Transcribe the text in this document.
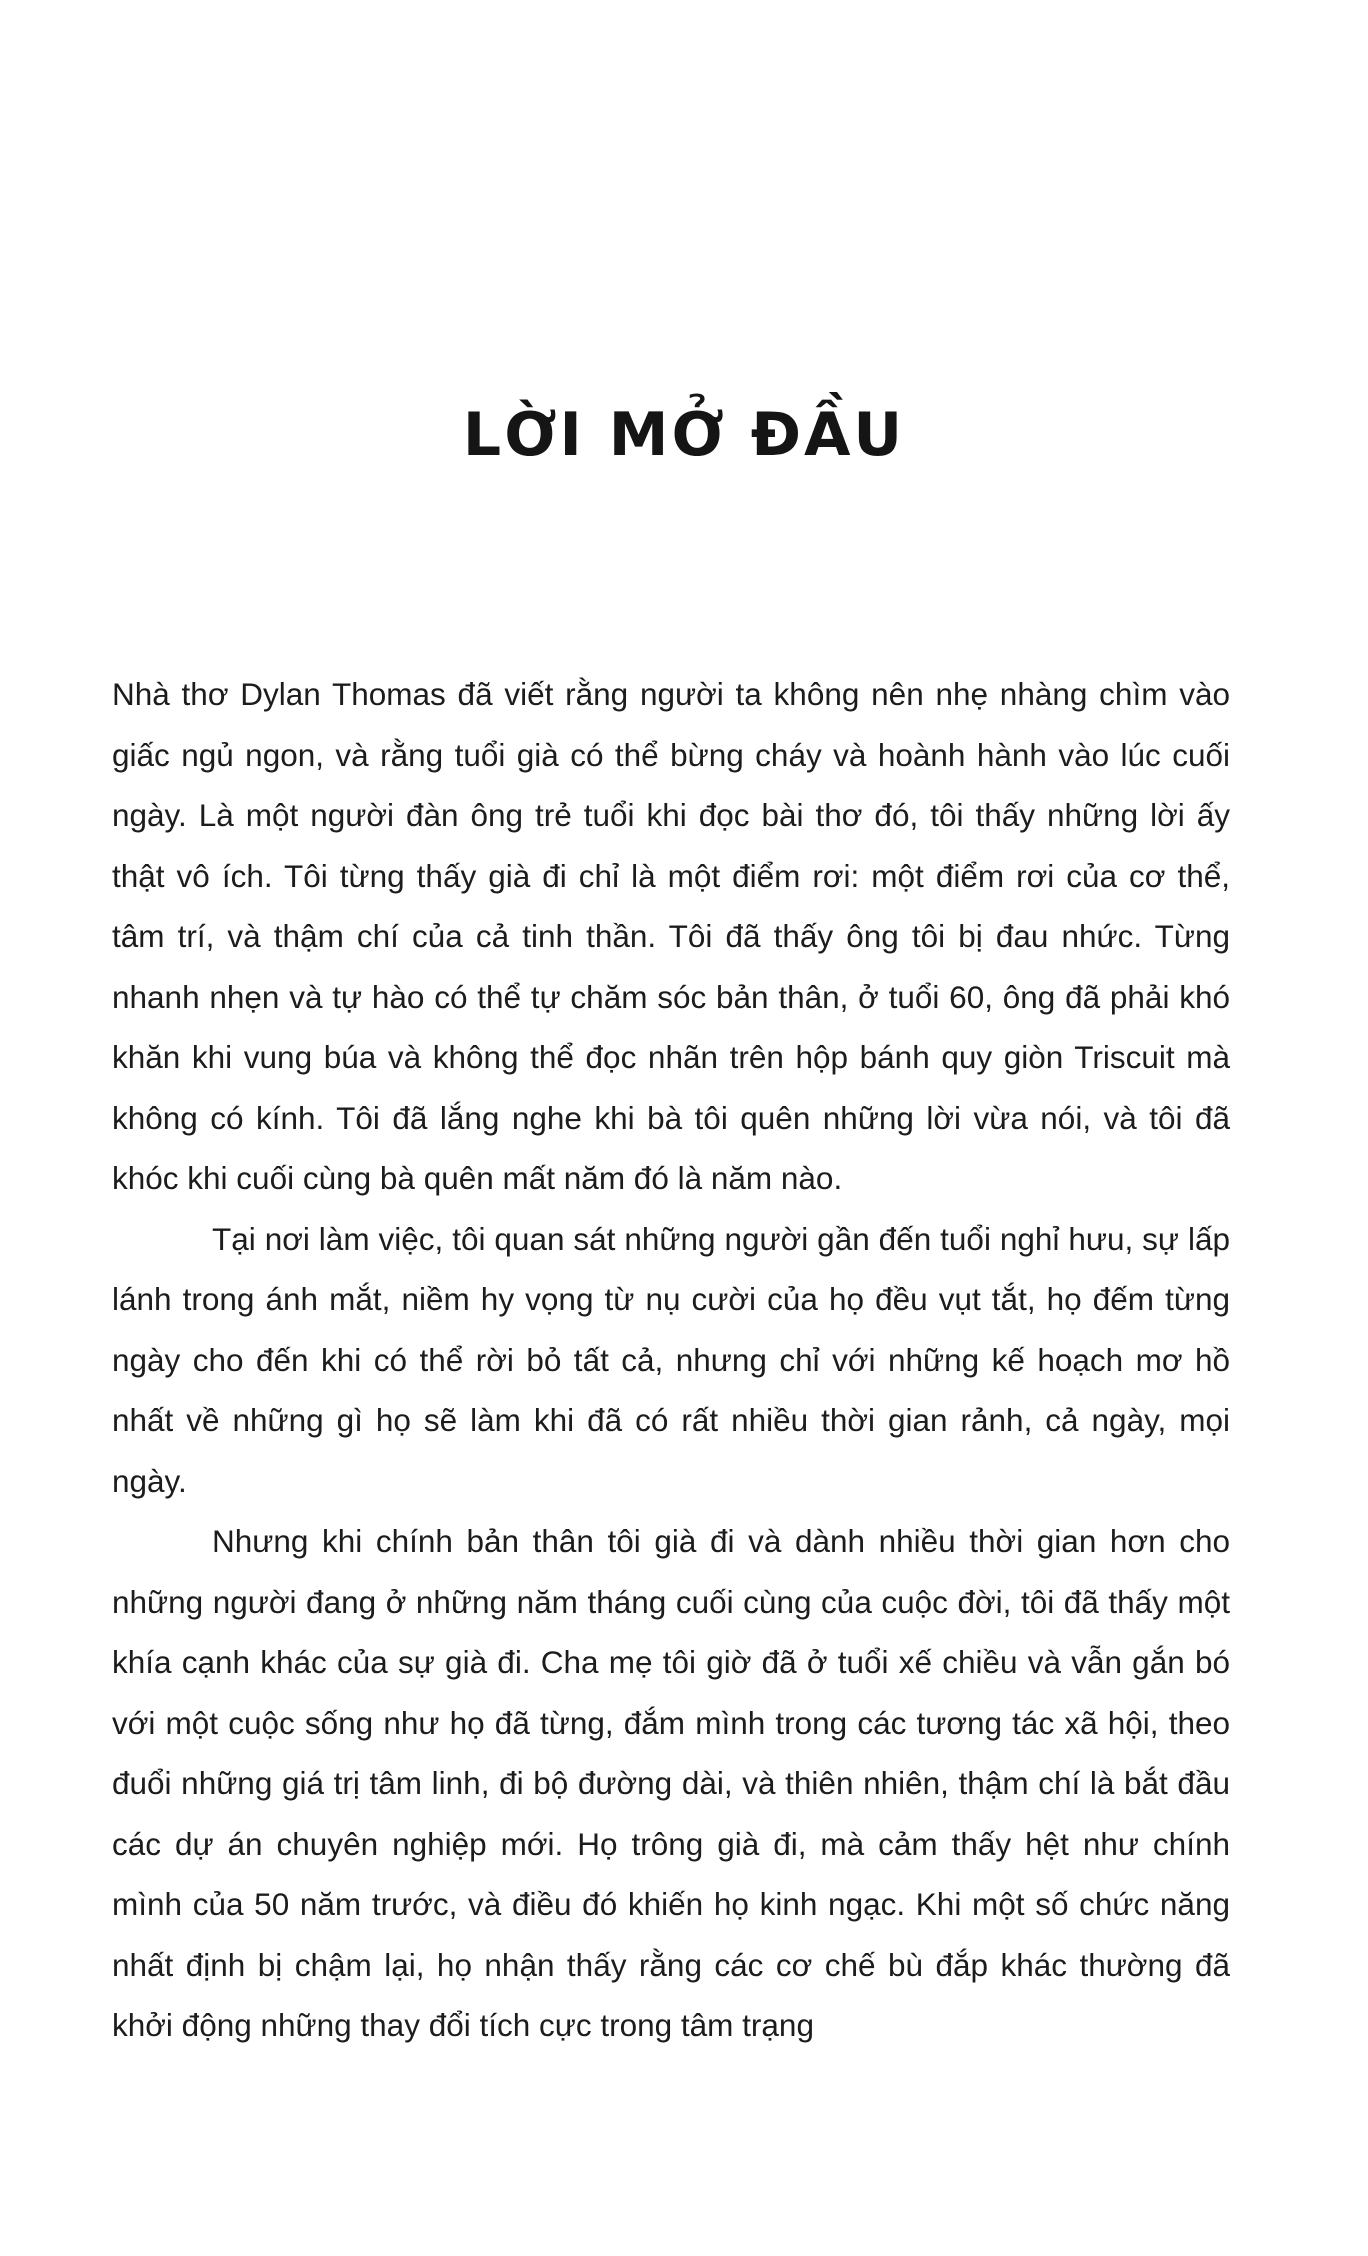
LỜI MỞ ĐẦU

Nhà thơ Dylan Thomas đã viết rằng người ta không nên nhẹ nhàng chìm vào giấc ngủ ngon, và rằng tuổi già có thể bừng cháy và hoành hành vào lúc cuối ngày. Là một người đàn ông trẻ tuổi khi đọc bài thơ đó, tôi thấy những lời ấy thật vô ích. Tôi từng thấy già đi chỉ là một điểm rơi: một điểm rơi của cơ thể, tâm trí, và thậm chí của cả tinh thần. Tôi đã thấy ông tôi bị đau nhức. Từng nhanh nhẹn và tự hào có thể tự chăm sóc bản thân, ở tuổi 60, ông đã phải khó khăn khi vung búa và không thể đọc nhãn trên hộp bánh quy giòn Triscuit mà không có kính. Tôi đã lắng nghe khi bà tôi quên những lời vừa nói, và tôi đã khóc khi cuối cùng bà quên mất năm đó là năm nào.

Tại nơi làm việc, tôi quan sát những người gần đến tuổi nghỉ hưu, sự lấp lánh trong ánh mắt, niềm hy vọng từ nụ cười của họ đều vụt tắt, họ đếm từng ngày cho đến khi có thể rời bỏ tất cả, nhưng chỉ với những kế hoạch mơ hồ nhất về những gì họ sẽ làm khi đã có rất nhiều thời gian rảnh, cả ngày, mọi ngày.

Nhưng khi chính bản thân tôi già đi và dành nhiều thời gian hơn cho những người đang ở những năm tháng cuối cùng của cuộc đời, tôi đã thấy một khía cạnh khác của sự già đi. Cha mẹ tôi giờ đã ở tuổi xế chiều và vẫn gắn bó với một cuộc sống như họ đã từng, đắm mình trong các tương tác xã hội, theo đuổi những giá trị tâm linh, đi bộ đường dài, và thiên nhiên, thậm chí là bắt đầu các dự án chuyên nghiệp mới. Họ trông già đi, mà cảm thấy hệt như chính mình của 50 năm trước, và điều đó khiến họ kinh ngạc. Khi một số chức năng nhất định bị chậm lại, họ nhận thấy rằng các cơ chế bù đắp khác thường đã khởi động những thay đổi tích cực trong tâm trạng
